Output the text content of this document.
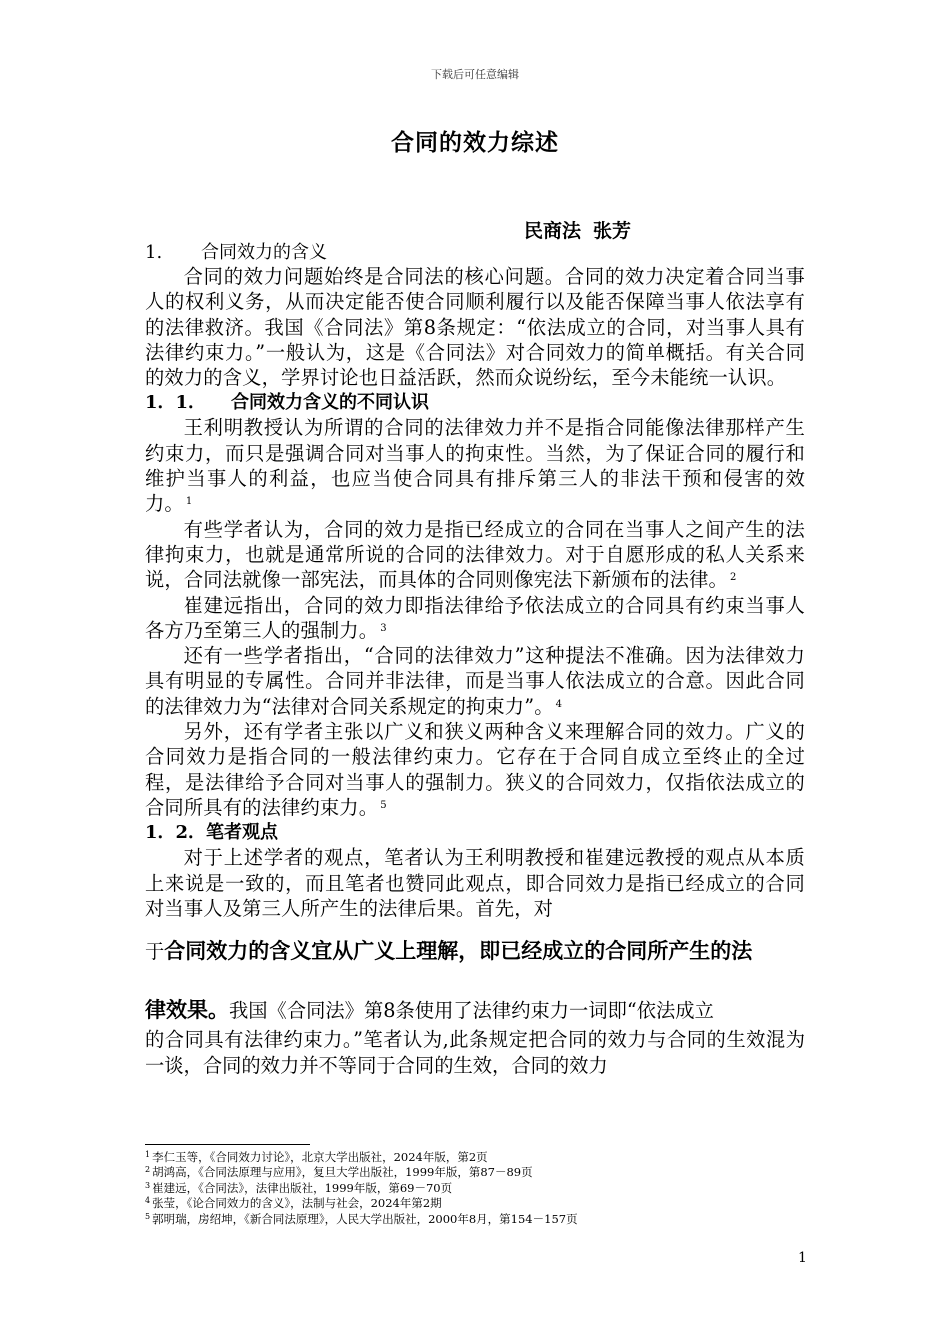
下载后可任意编辑
合同的效力综述
民商法 张芳
1. 合同效力的含义

合同的效力问题始终是合同法的核心问题。合同的效力决定着合同当事人的权利义务，从而决定能否使合同顺利履行以及能否保障当事人依法享有的法律救济。我国《合同法》第8条规定：“依法成立的合同，对当事人具有法律约束力。”一般认为，这是《合同法》对合同效力的简单概括。有关合同的效力的含义，学界讨论也日益活跃，然而众说纷纭，至今未能统一认识。

1．1． 合同效力含义的不同认识

王利明教授认为所谓的合同的法律效力并不是指合同能像法律那样产生约束力，而只是强调合同对当事人的拘束性。当然，为了保证合同的履行和维护当事人的利益，也应当使合同具有排斥第三人的非法干预和侵害的效力。 $^1$

有些学者认为，合同的效力是指已经成立的合同在当事人之间产生的法律拘束力，也就是通常所说的合同的法律效力。对于自愿形成的私人关系来说，合同法就像一部宪法，而具体的合同则像宪法下新颁布的法律。 $^2$

崔建远指出，合同的效力即指法律给予依法成立的合同具有约束当事人各方乃至第三人的强制力。 $^3$

还有一些学者指出，“合同的法律效力”这种提法不准确。因为法律效力具有明显的专属性。合同并非法律，而是当事人依法成立的合意。因此合同的法律效力为“法律对合同关系规定的拘束力”。 $^4$

另外，还有学者主张以广义和狭义两种含义来理解合同的效力。广义的合同效力是指合同的一般法律约束力。它存在于合同自成立至终止的全过程，是法律给予合同对当事人的强制力。狭义的合同效力，仅指依法成立的合同所具有的法律约束力。 $^5$

1．2．笔者观点

对于上述学者的观点，笔者认为王利明教授和崔建远教授的观点从本质上来说是一致的，而且笔者也赞同此观点，即合同效力是指已经成立的合同对当事人及第三人所产生的法律后果。首先，对

于合同效力的含义宜从广义上理解，即已经成立的合同所产生的法
律效果。我国《合同法》第8条使用了法律约束力一词即“依法成立

的合同具有法律约束力。”笔者认为,此条规定把合同的效力与合同的生效混为一谈，合同的效力并不等同于合同的生效，合同的效力

$^1$ 李仁玉等，《合同效力讨论》，北京大学出版社，2024年版，第2页
$^2$ 胡鸿高，《合同法原理与应用》，复旦大学出版社，1999年版，第87－89页
$^3$ 崔建远，《合同法》，法律出版社，1999年版，第69－70页
$^4$ 张莹，《论合同效力的含义》，法制与社会，2024年第2期
$^5$ 郭明瑞，房绍坤，《新合同法原理》，人民大学出版社，2000年8月，第154－157页
1
